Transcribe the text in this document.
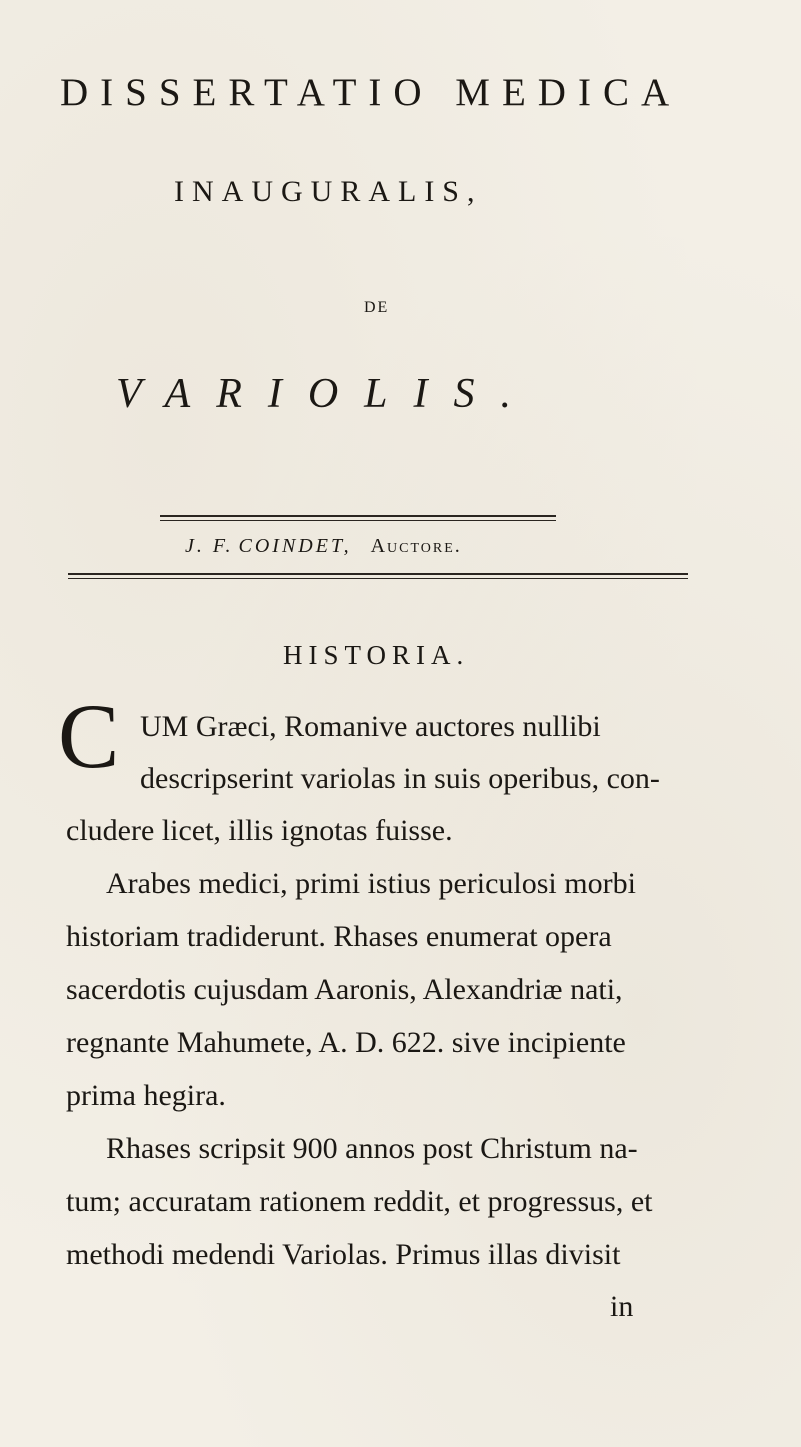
DISSERTATIO MEDICA
INAUGURALIS,
DE
VARIOLIS.
J. F. COINDET, Auctore.
HISTORIA.
C UM Græci, Romanive auctores nullibi
descripserint variolas in suis operibus, con-
cludere licet, illis ignotas fuisse.
Arabes medici, primi istius periculosi morbi
historiam tradiderunt. Rhases enumerat opera
sacerdotis cujusdam Aaronis, Alexandriæ nati,
regnante Mahumete, A. D. 622. sive incipiente
prima hegira.
Rhases scripsit 900 annos post Christum na-
tum; accuratam rationem reddit, et progressus, et
methodi medendi Variolas. Primus illas divisit
in
